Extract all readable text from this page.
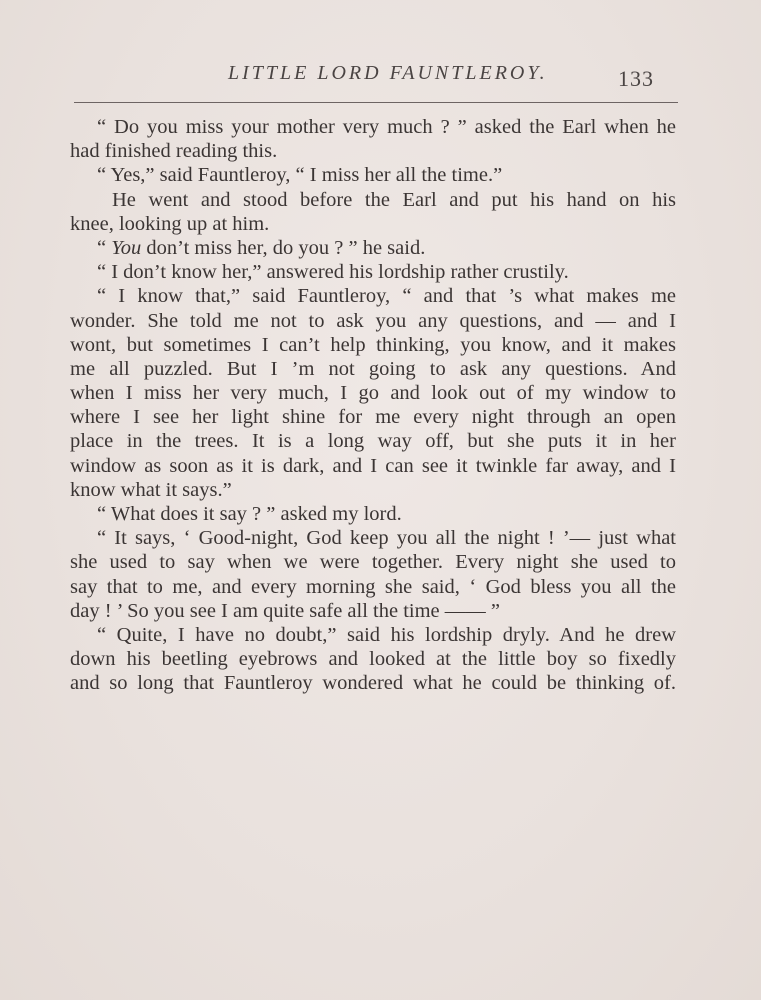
LITTLE LORD FAUNTLEROY.	133
“ Do you miss your mother very much ? ” asked the Earl when he
had finished reading this.
“ Yes,” said Fauntleroy, “ I miss her all the time.”
He went and stood before the Earl and put his hand on his
knee, looking up at him.
“ You don’t miss her, do you ? ” he said.
“ I don’t know her,” answered his lordship rather crustily.
“ I know that,” said Fauntleroy, “ and that ’s what makes me
wonder. She told me not to ask you any questions, and — and I
wont, but sometimes I can’t help thinking, you know, and it makes
me all puzzled. But I ’m not going to ask any questions. And
when I miss her very much, I go and look out of my window to
where I see her light shine for me every night through an open
place in the trees. It is a long way off, but she puts it in her
window as soon as it is dark, and I can see it twinkle far away, and I
know what it says.”
“ What does it say ? ” asked my lord.
“ It says, ‘ Good-night, God keep you all the night ! ’— just what
she used to say when we were together. Every night she used to
say that to me, and every morning she said, ‘ God bless you all the
day ! ’ So you see I am quite safe all the time —— ”
“ Quite, I have no doubt,” said his lordship dryly. And he drew
down his beetling eyebrows and looked at the little boy so fixedly
and so long that Fauntleroy wondered what he could be thinking of.
